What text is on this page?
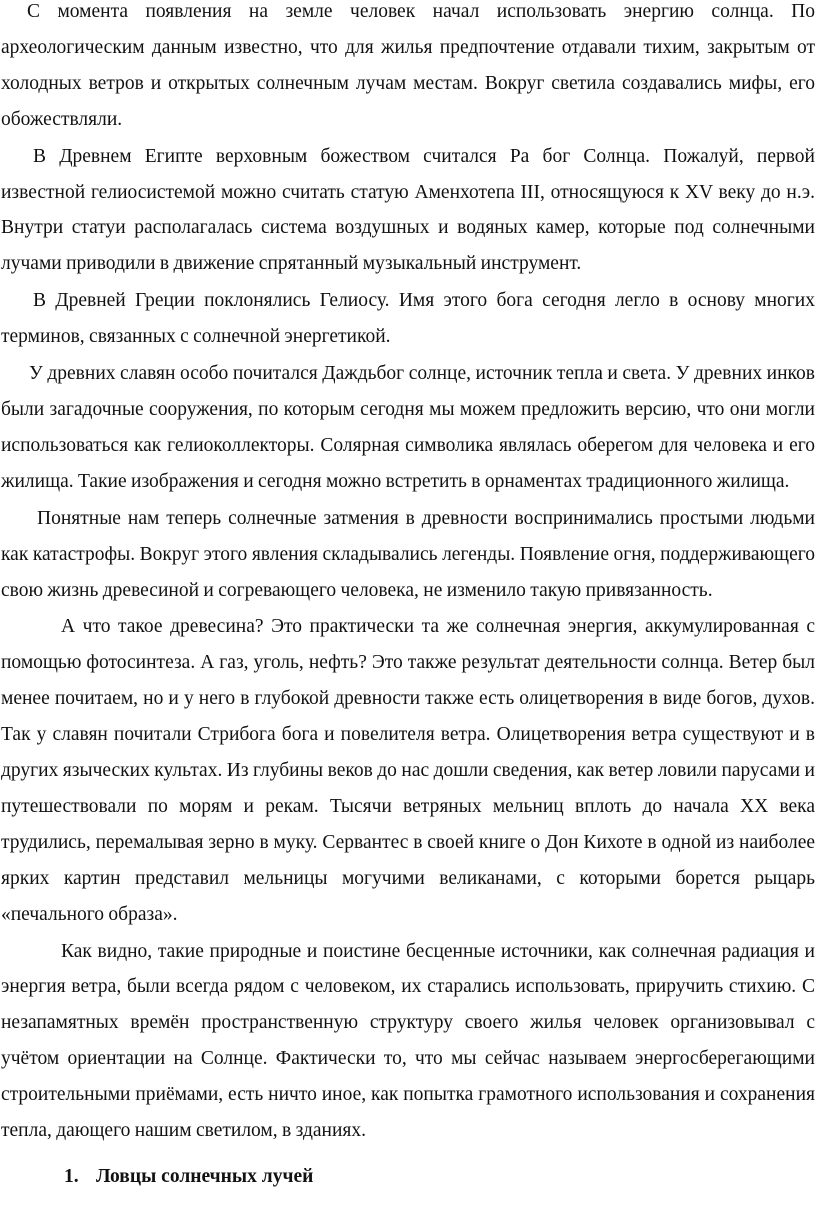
С момента появления на земле человек начал использовать энергию солнца. По археологическим данным известно, что для жилья предпочтение отдавали тихим, закрытым от холодных ветров и открытых солнечным лучам местам. Вокруг светила создавались мифы, его обожествляли.

В Древнем Египте верховным божеством считался Ра бог Солнца. Пожалуй, первой известной гелиосистемой можно считать статую Аменхотепа III, относящуюся к XV веку до н.э. Внутри статуи располагалась система воздушных и водяных камер, которые под солнечными лучами приводили в движение спрятанный музыкальный инструмент.

В Древней Греции поклонялись Гелиосу. Имя этого бога сегодня легло в основу многих терминов, связанных с солнечной энергетикой.

У древних славян особо почитался Даждьбог солнце, источник тепла и света. У древних инков были загадочные сооружения, по которым сегодня мы можем предложить версию, что они могли использоваться как гелиоколлекторы. Солярная символика являлась оберегом для человека и его жилища. Такие изображения и сегодня можно встретить в орнаментах традиционного жилища.

Понятные нам теперь солнечные затмения в древности воспринимались простыми людьми как катастрофы. Вокруг этого явления складывались легенды. Появление огня, поддерживающего свою жизнь древесиной и согревающего человека, не изменило такую привязанность.

А что такое древесина? Это практически та же солнечная энергия, аккумулированная с помощью фотосинтеза. А газ, уголь, нефть? Это также результат деятельности солнца. Ветер был менее почитаем, но и у него в глубокой древности также есть олицетворения в виде богов, духов. Так у славян почитали Стрибога бога и повелителя ветра. Олицетворения ветра существуют и в других языческих культах. Из глубины веков до нас дошли сведения, как ветер ловили парусами и путешествовали по морям и рекам. Тысячи ветряных мельниц вплоть до начала XX века трудились, перемалывая зерно в муку. Сервантес в своей книге о Дон Кихоте в одной из наиболее ярких картин представил мельницы могучими великанами, с которыми борется рыцарь «печального образа».

Как видно, такие природные и поистине бесценные источники, как солнечная радиация и энергия ветра, были всегда рядом с человеком, их старались использовать, приручить стихию. С незапамятных времён пространственную структуру своего жилья человек организовывал с учётом ориентации на Солнце. Фактически то, что мы сейчас называем энергосберегающими строительными приёмами, есть ничто иное, как попытка грамотного использования и сохранения тепла, дающего нашим светилом, в зданиях.

1. Ловцы солнечных лучей
